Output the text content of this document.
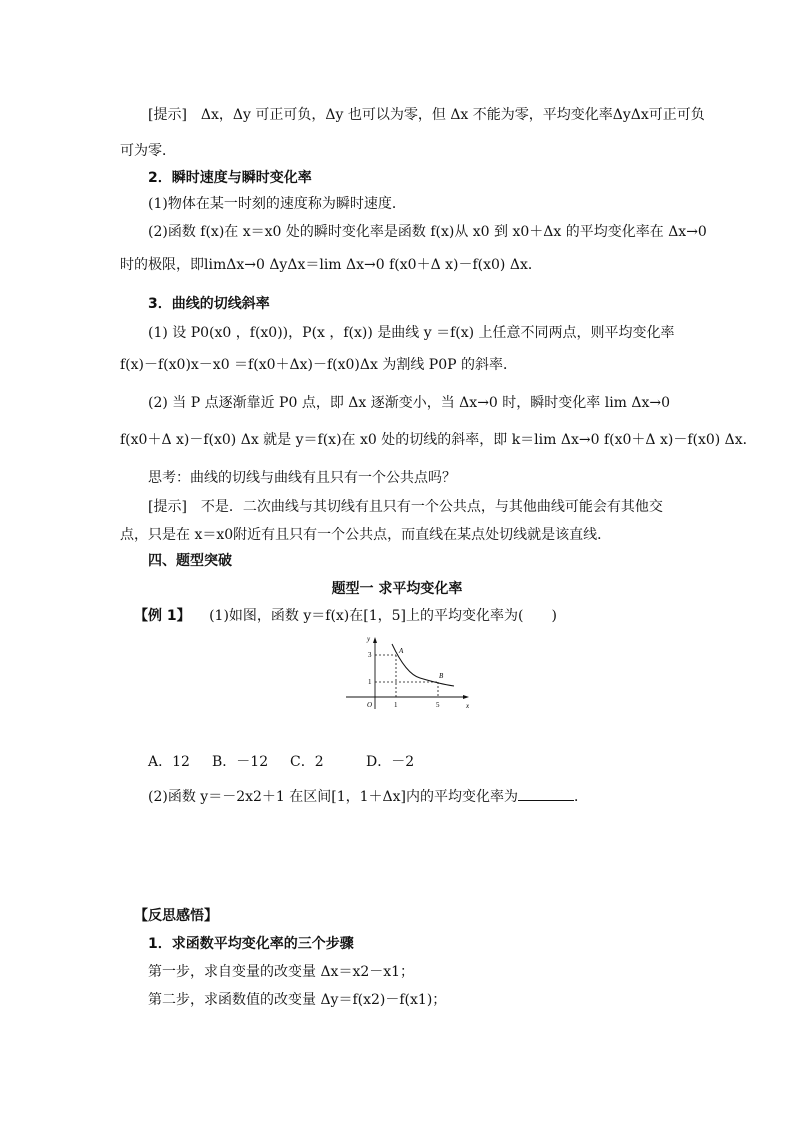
[提示]　Δx，Δy 可正可负，Δy 也可以为零，但 Δx 不能为零，平均变化率ΔyΔx可正可负
可为零．
2．瞬时速度与瞬时变化率
(1)物体在某一时刻的速度称为瞬时速度．
(2)函数 f(x)在 x＝x0 处的瞬时变化率是函数 f(x)从 x0 到 x0＋Δx 的平均变化率在 Δx→0
时的极限，即limΔx→0 ΔyΔx＝lim Δx→0 f(x0＋Δ x)－f(x0) Δx．
3．曲线的切线斜率
(1) 设 P0(x0 ，f(x0))，P(x ，f(x)) 是曲线 y ＝f(x) 上任意不同两点，则平均变化率
f(x)－f(x0)x－x0 ＝f(x0＋Δx)－f(x0)Δx 为割线 P0P 的斜率．
(2) 当 P 点逐渐靠近 P0 点，即 Δx 逐渐变小，当 Δx→0 时，瞬时变化率 lim Δx→0
f(x0＋Δ x)－f(x0) Δx 就是 y＝f(x)在 x0 处的切线的斜率，即 k＝lim Δx→0 f(x0＋Δ x)－f(x0) Δx．
思考：曲线的切线与曲线有且只有一个公共点吗？
[提示]　不是．二次曲线与其切线有且只有一个公共点，与其他曲线可能会有其他交
点，只是在 x＝x0附近有且只有一个公共点，而直线在某点处切线就是该直线．
四、题型突破
题型一 求平均变化率
【例 1】 (1)如图，函数 y＝f(x)在[1，5]上的平均变化率为(　　)
y
x
O
3
1
1	5
A
B
A．12 B．－12 C．2	D．－2
(2)函数 y＝－2x2＋1 在区间[1，1＋Δx]内的平均变化率为	．
【反思感悟】
1．求函数平均变化率的三个步骤
第一步，求自变量的改变量 Δx＝x2－x1；
第二步，求函数值的改变量 Δy＝f(x2)－f(x1)；
